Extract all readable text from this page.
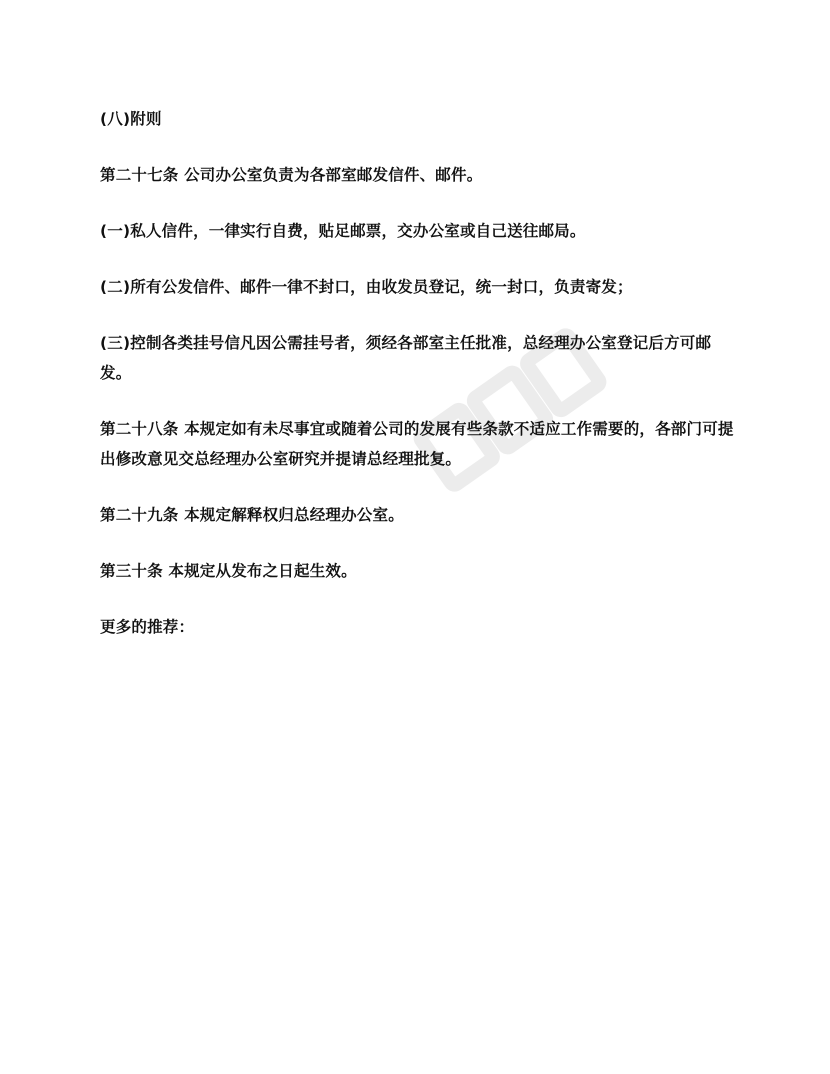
(八)附则

第二十七条 公司办公室负责为各部室邮发信件、邮件。

(一)私人信件，一律实行自费，贴足邮票，交办公室或自己送往邮局。

(二)所有公发信件、邮件一律不封口，由收发员登记，统一封口，负责寄发；

(三)控制各类挂号信凡因公需挂号者，须经各部室主任批准，总经理办公室登记后方可邮发。

第二十八条 本规定如有未尽事宜或随着公司的发展有些条款不适应工作需要的，各部门可提出修改意见交总经理办公室研究并提请总经理批复。

第二十九条 本规定解释权归总经理办公室。

第三十条 本规定从发布之日起生效。

更多的推荐：
